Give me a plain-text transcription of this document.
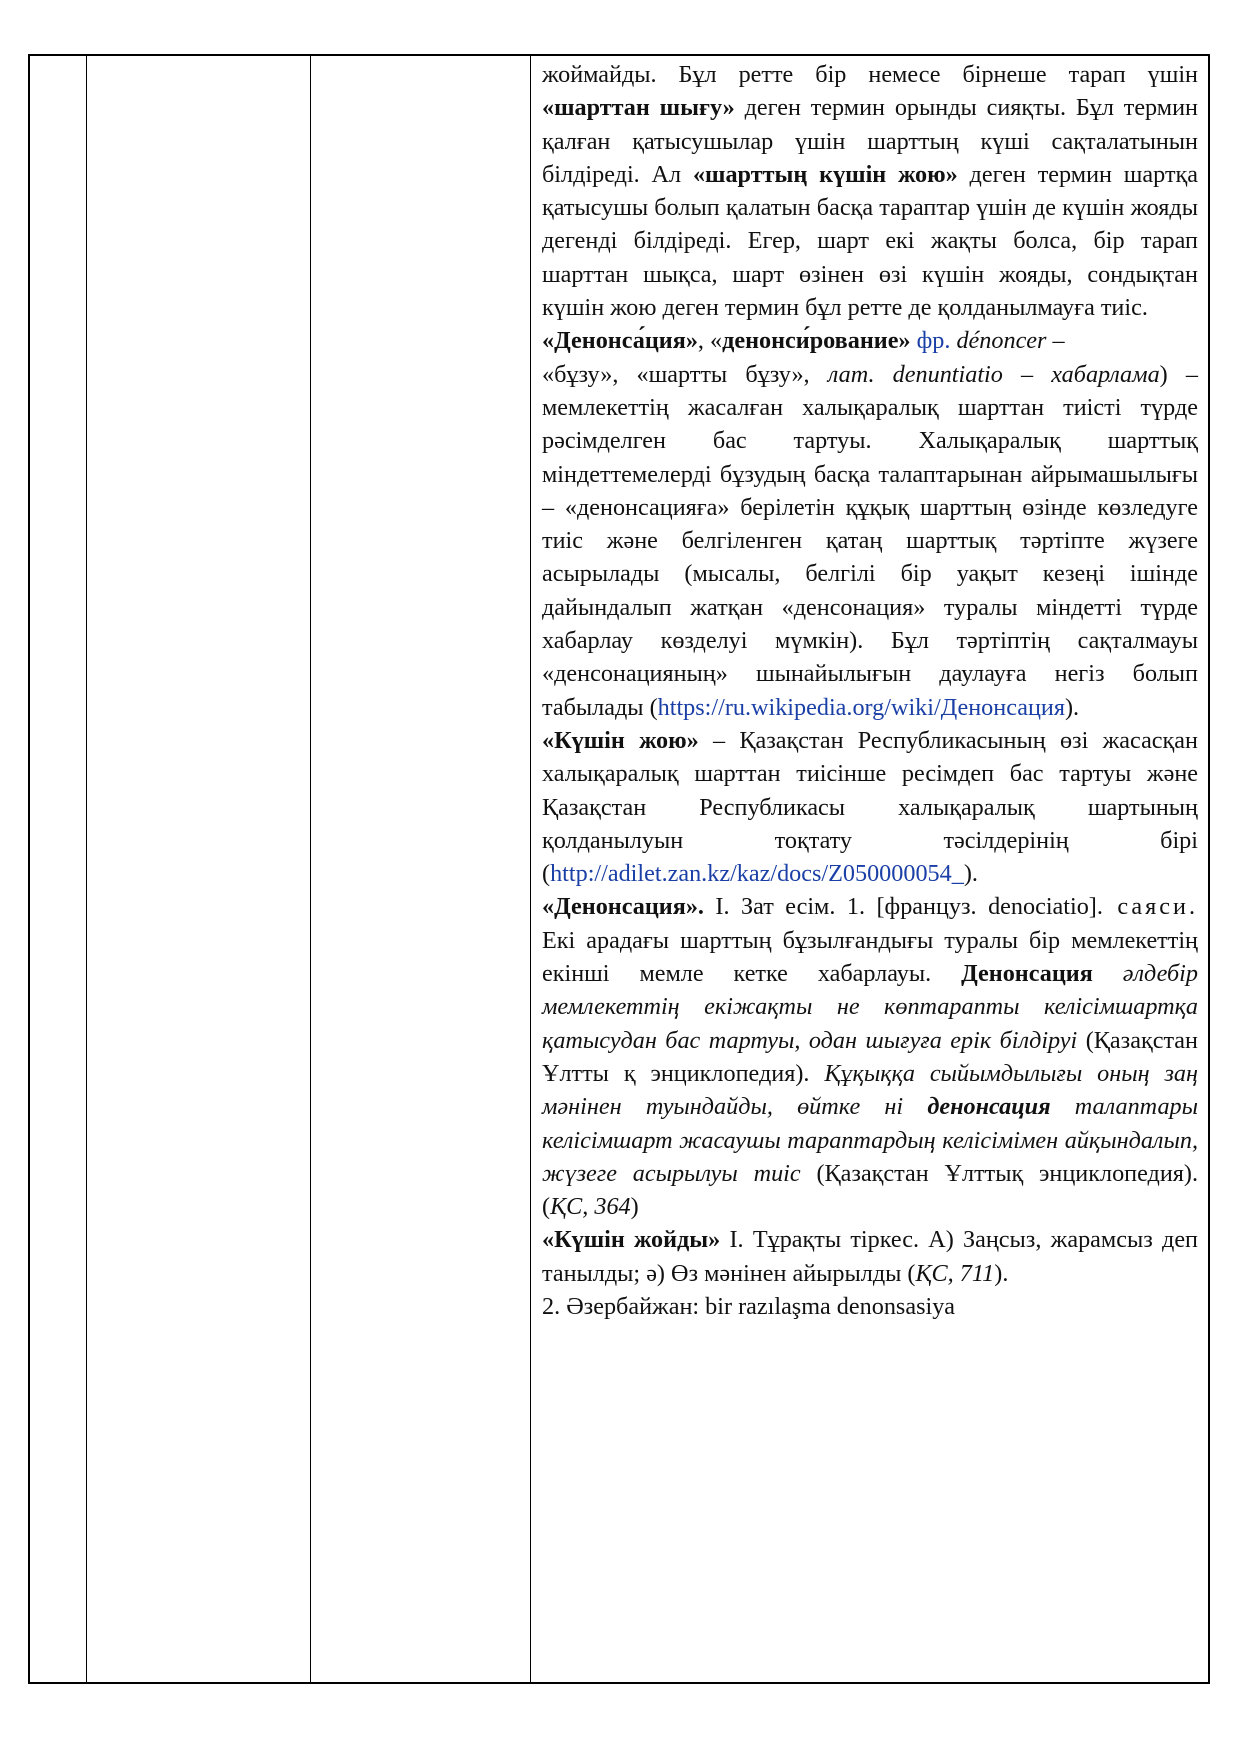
жоймайды. Бұл ретте бір немесе бірнеше тарап үшін «шарттан шығу» деген термин орынды сияқты. Бұл термин қалған қатысушылар үшін шарттың күші сақталатынын білдіреді. Ал «шарттың күшін жою» деген термин шартқа қатысушы болып қалатын басқа тараптар үшін де күшін жояды дегенді білдіреді. Егер, шарт екі жақты болса, бір тарап шарттан шықса, шарт өзінен өзі күшін жояды, сондықтан күшін жою деген термин бұл ретте де қолданылмауға тиіс.

«Денонса́ция», «денонси́рование» фр. dénoncer –

«бұзу», «шартты бұзу», лат. denuntiatio – хабарлама) – мемлекеттің жасалған халықаралық шарттан тиісті түрде рәсімделген бас тартуы. Халықаралық шарттық міндеттемелерді бұзудың басқа талаптарынан айрымашылығы – «денонсацияға» берілетін құқық шарттың өзінде көзледуге тиіс және белгіленген қатаң шарттық тәртіпте жүзеге асырылады (мысалы, белгілі бір уақыт кезеңі ішінде дайындалып жатқан «денсонация» туралы міндетті түрде хабарлау көзделуі мүмкін). Бұл тәртіптің сақталмауы «денсонацияның» шынайылығын даулауға негіз болып табылады (https://ru.wikipedia.org/wiki/Денонсация).

«Күшін жою» – Қазақстан Республикасының өзі жасасқан халықаралық шарттан тиісінше ресімдеп бас тартуы және Қазақстан Республикасы халықаралық шартының қолданылуын тоқтату тәсілдерінің бірі (http://adilet.zan.kz/kaz/docs/Z050000054_).

«Денонсация». І. Зат есім. 1. [француз. denociatio]. саяси. Екі арадағы шарттың бұзылғандығы туралы бір мемлекеттің екінші мемле кетке хабарлауы. Денонсация әлдебір мемлекеттің екіжақты не көптарапты келісімшартқа қатысудан бас тартуы, одан шығуға ерік білдіруі (Қазақстан Ұлтты қ энциклопедия). Құқыққа сыйымдылығы оның заң мәнінен туындайды, өйтке ні денонсация талаптары келісімшарт жасаушы тараптардың келісімімен айқындалып, жүзеге асырылуы тиіс (Қазақстан Ұлттық энциклопедия). (ҚС, 364)

«Күшін жойды» І. Тұрақты тіркес. А) Заңсыз, жарамсыз деп танылды; ә) Өз мәнінен айырылды (ҚС, 711).

2. Әзербайжан: bir razılaşma denonsasiya
